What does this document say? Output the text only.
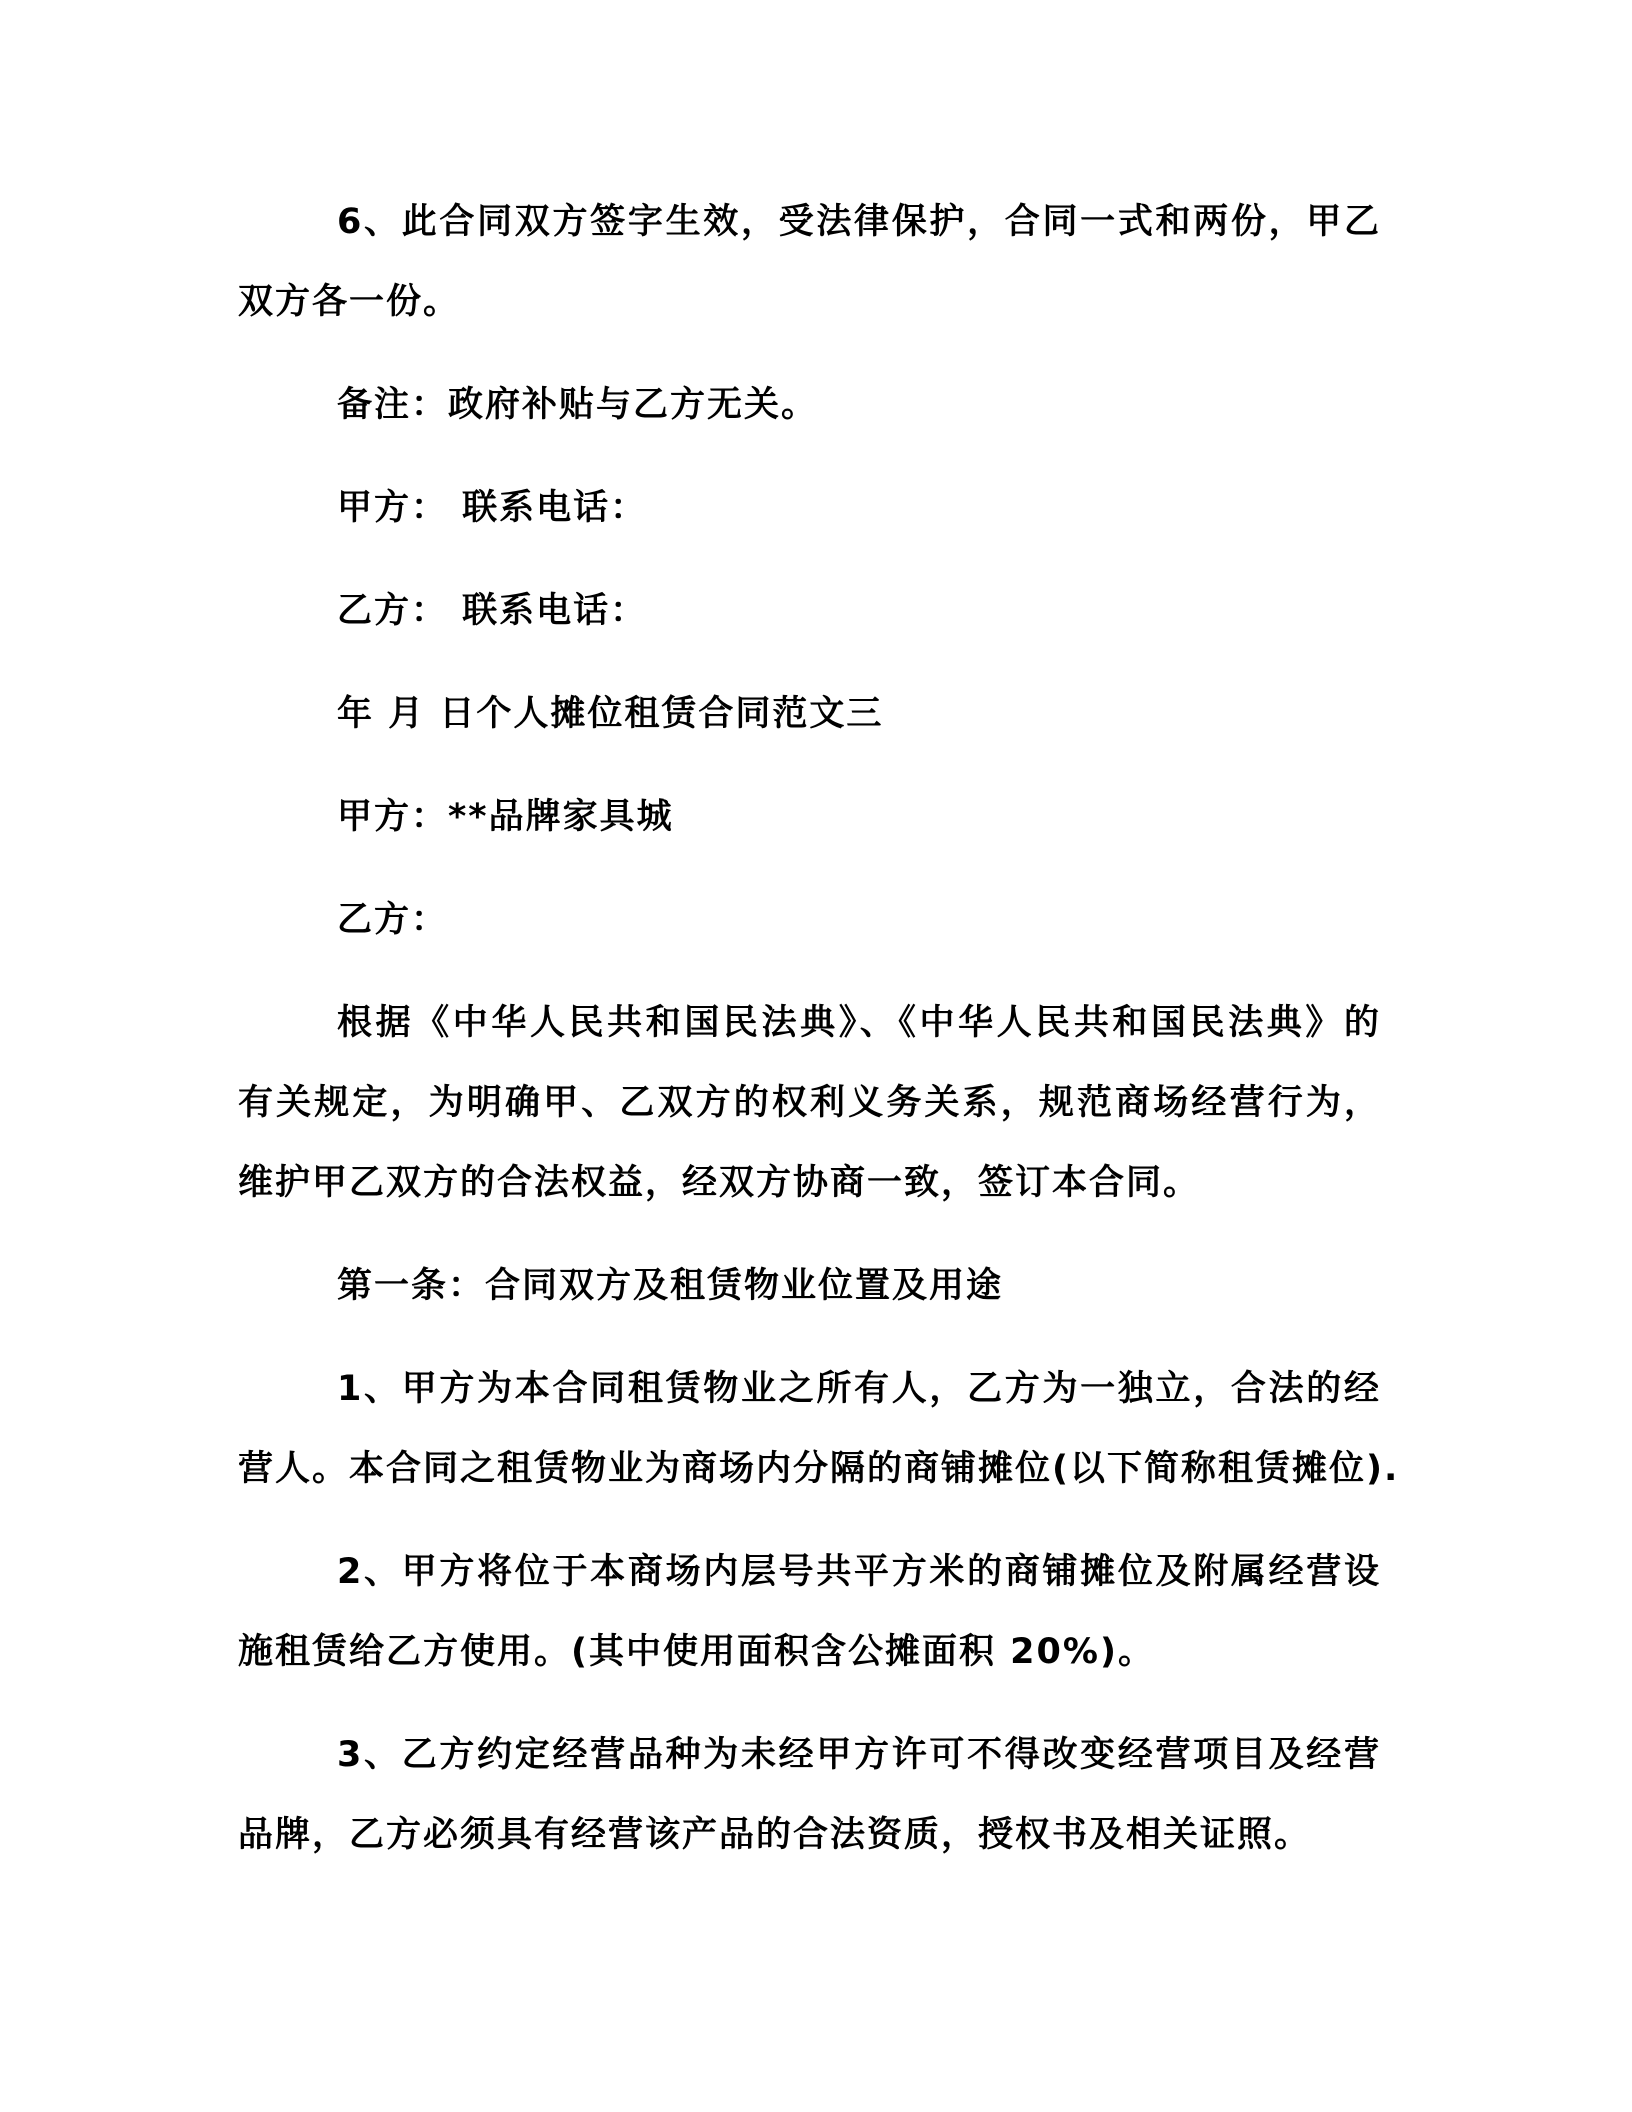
6、此合同双方签字生效，受法律保护，合同一式和两份，甲乙
双方各一份。
备注：政府补贴与乙方无关。
甲方： 联系电话：
乙方： 联系电话：
年 月 日个人摊位租赁合同范文三
甲方：**品牌家具城
乙方：
根据《中华人民共和国民法典》、《中华人民共和国民法典》的
有关规定，为明确甲、乙双方的权利义务关系，规范商场经营行为，
维护甲乙双方的合法权益，经双方协商一致，签订本合同。
第一条：合同双方及租赁物业位置及用途
1、甲方为本合同租赁物业之所有人，乙方为一独立，合法的经
营人。本合同之租赁物业为商场内分隔的商铺摊位(以下简称租赁摊位).
2、甲方将位于本商场内层号共平方米的商铺摊位及附属经营设
施租赁给乙方使用。(其中使用面积含公摊面积 20%)。
3、乙方约定经营品种为未经甲方许可不得改变经营项目及经营
品牌，乙方必须具有经营该产品的合法资质，授权书及相关证照。
